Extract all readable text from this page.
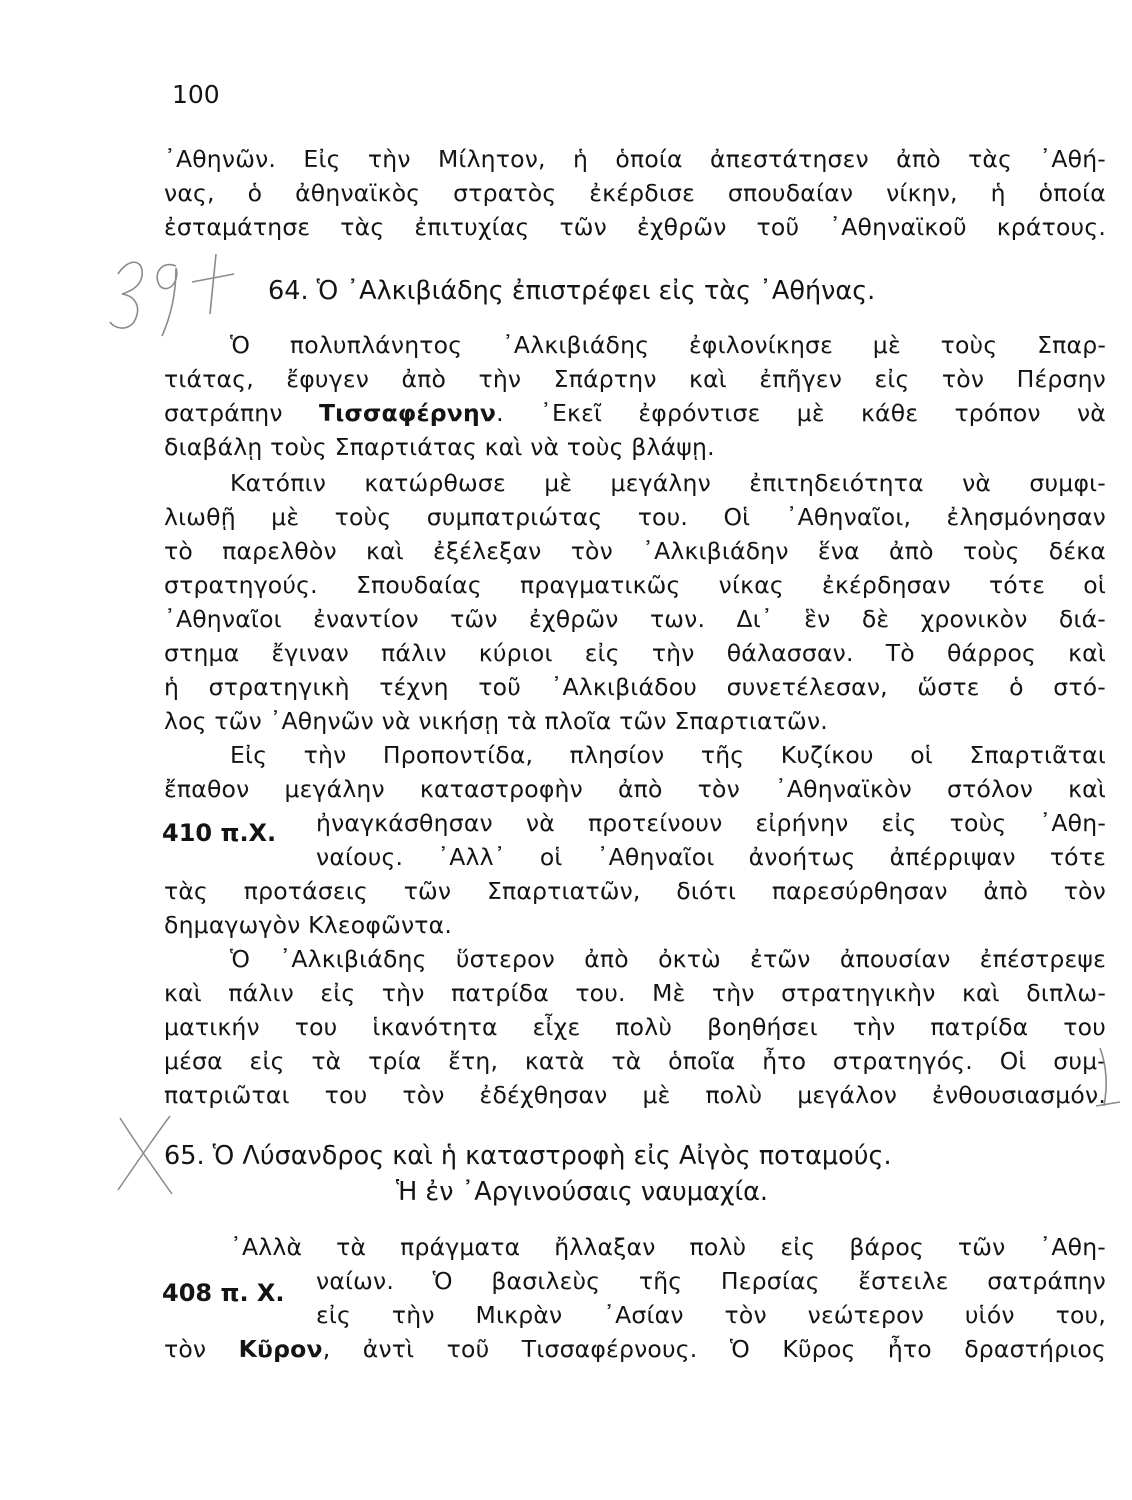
100
᾿Αθηνῶν. Εἰς τὴν Μίλητον, ἡ ὁποία ἀπεστάτησεν ἀπὸ τὰς ᾿Αθή-
νας, ὁ ἀθηναϊκὸς στρατὸς ἐκέρδισε σπουδαίαν νίκην, ἡ ὁποία
ἐσταμάτησε τὰς ἐπιτυχίας τῶν ἐχθρῶν τοῦ ᾿Αθηναϊκοῦ κράτους.
64. Ὁ ᾿Αλκιβιάδης ἐπιστρέφει εἰς τὰς ᾿Αθήνας.
Ὁ πολυπλάνητος ᾿Αλκιβιάδης ἐφιλονίκησε μὲ τοὺς Σπαρ-
τιάτας, ἔφυγεν ἀπὸ τὴν Σπάρτην καὶ ἐπῆγεν εἰς τὸν Πέρσην
σατράπην Τισσαφέρνην. ᾿Εκεῖ ἐφρόντισε μὲ κάθε τρόπον νὰ
διαβάλῃ τοὺς Σπαρτιάτας καὶ νὰ τοὺς βλάψῃ.
Κατόπιν κατώρθωσε μὲ μεγάλην ἐπιτηδειότητα νὰ συμφι-
λιωθῇ μὲ τοὺς συμπατριώτας του. Οἱ ᾿Αθηναῖοι, ἐλησμόνησαν
τὸ παρελθὸν καὶ ἐξέλεξαν τὸν ᾿Αλκιβιάδην ἕνα ἀπὸ τοὺς δέκα
στρατηγούς. Σπουδαίας πραγματικῶς νίκας ἐκέρδησαν τότε οἱ
᾿Αθηναῖοι ἐναντίον τῶν ἐχθρῶν των. Δι᾿ ἓν δὲ χρονικὸν διά-
στημα ἔγιναν πάλιν κύριοι εἰς τὴν θάλασσαν. Τὸ θάρρος καὶ
ἡ στρατηγικὴ τέχνη τοῦ ᾿Αλκιβιάδου συνετέλεσαν, ὥστε ὁ στό-
λος τῶν ᾿Αθηνῶν νὰ νικήσῃ τὰ πλοῖα τῶν Σπαρτιατῶν.
Εἰς τὴν Προποντίδα, πλησίον τῆς Κυζίκου οἱ Σπαρτιᾶται
ἔπαθον μεγάλην καταστροφὴν ἀπὸ τὸν ᾿Αθηναϊκὸν στόλον καὶ
ἠναγκάσθησαν νὰ προτείνουν εἰρήνην εἰς τοὺς ᾿Αθη-
410 π.Χ.
ναίους. ᾿Αλλ᾿ οἱ ᾿Αθηναῖοι ἀνοήτως ἀπέρριψαν τότε
τὰς προτάσεις τῶν Σπαρτιατῶν, διότι παρεσύρθησαν ἀπὸ τὸν
δημαγωγὸν Κλεοφῶντα.
Ὁ ᾿Αλκιβιάδης ὕστερον ἀπὸ ὀκτὼ ἐτῶν ἀπουσίαν ἐπέστρεψε
καὶ πάλιν εἰς τὴν πατρίδα του. Μὲ τὴν στρατηγικὴν καὶ διπλω-
ματικήν του ἱκανότητα εἶχε πολὺ βοηθήσει τὴν πατρίδα του
μέσα εἰς τὰ τρία ἔτη, κατὰ τὰ ὁποῖα ἦτο στρατηγός. Οἱ συμ-
πατριῶται του τὸν ἐδέχθησαν μὲ πολὺ μεγάλον ἐνθουσιασμόν.
65. Ὁ Λύσανδρος καὶ ἡ καταστροφὴ εἰς Αἰγὸς ποταμούς.
Ἡ ἐν ᾿Αργινούσαις ναυμαχία.
᾿Αλλὰ τὰ πράγματα ἤλλαξαν πολὺ εἰς βάρος τῶν ᾿Αθη-
ναίων. Ὁ βασιλεὺς τῆς Περσίας ἔστειλε σατράπην
408 π. Χ.
εἰς τὴν Μικρὰν ᾿Ασίαν τὸν νεώτερον υἱόν του,
τὸν Κῦρον, ἀντὶ τοῦ Τισσαφέρνους. Ὁ Κῦρος ἦτο δραστήριος
